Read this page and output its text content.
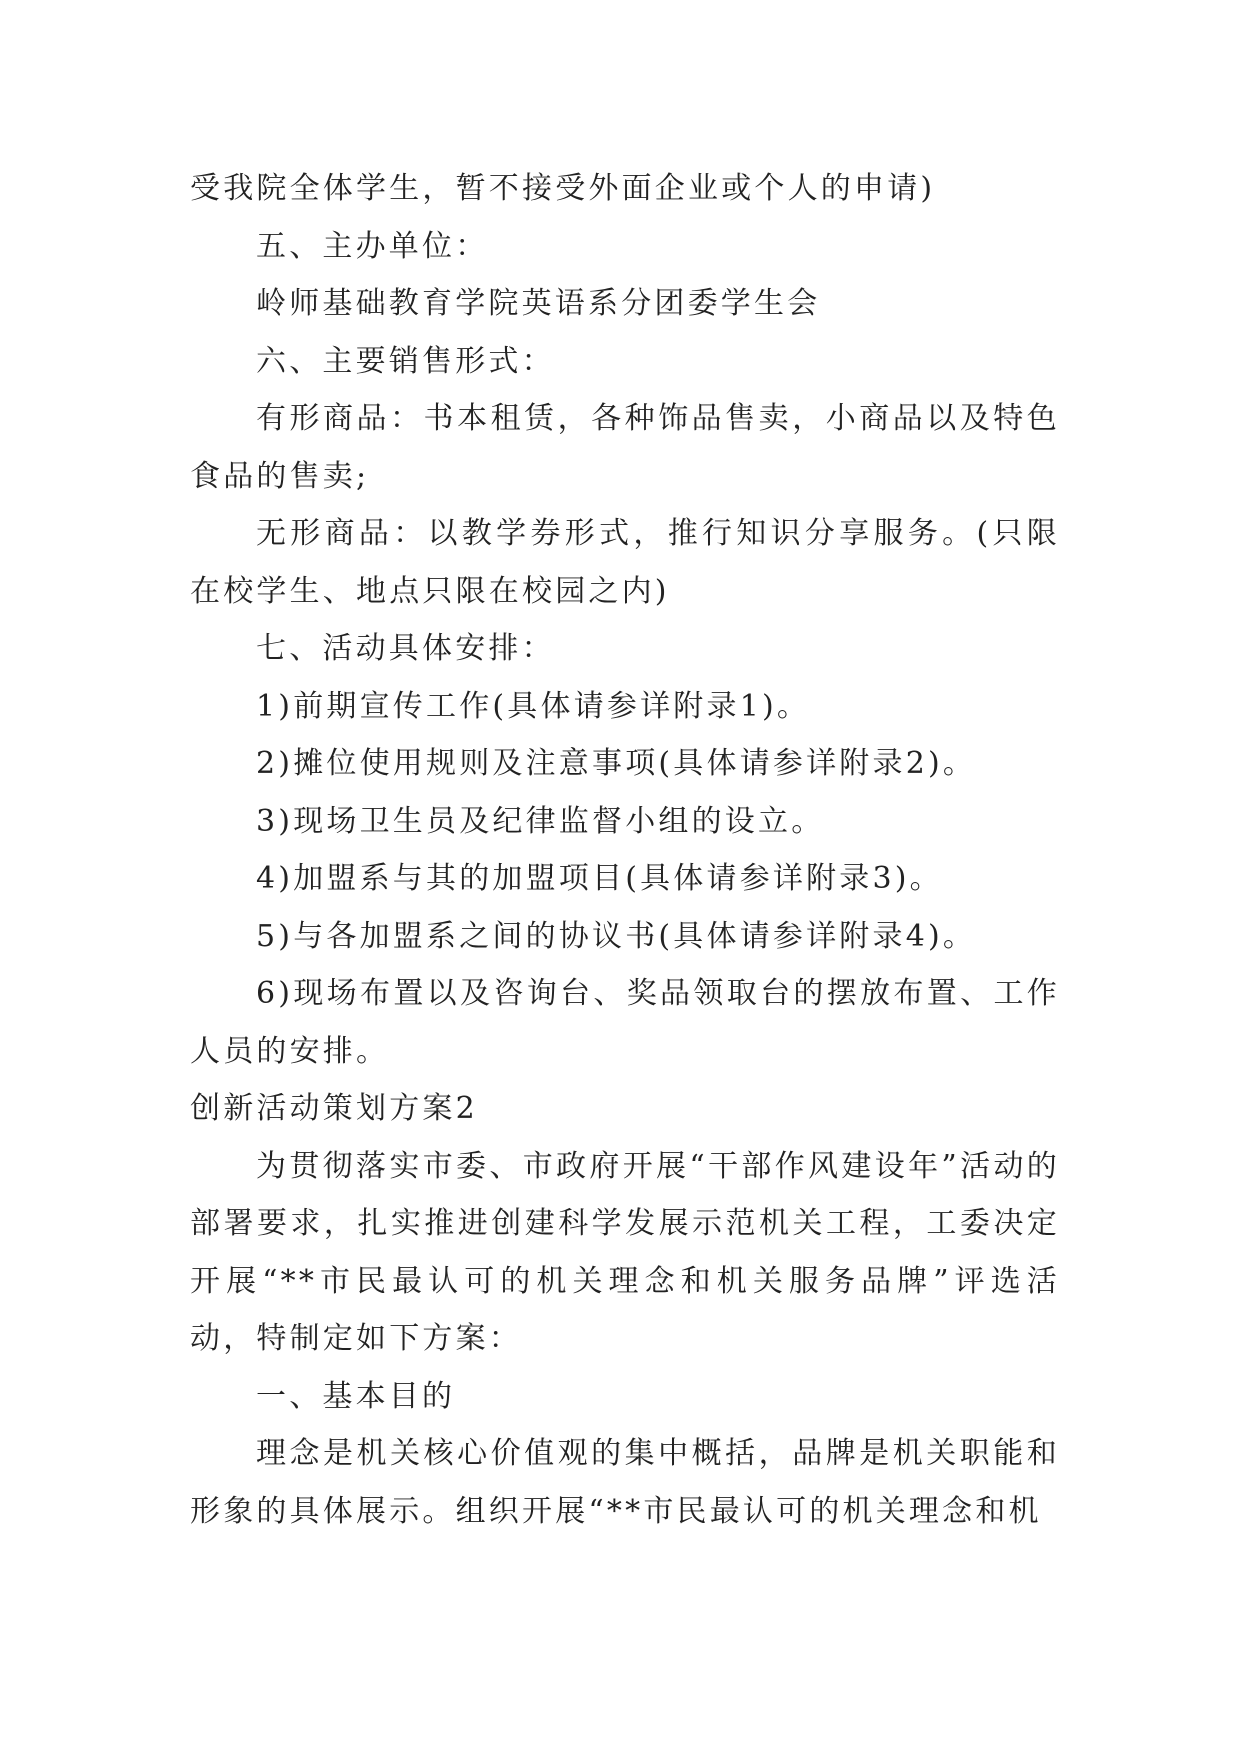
受我院全体学生，暂不接受外面企业或个人的申请)

五、主办单位：

岭师基础教育学院英语系分团委学生会

六、主要销售形式：

有形商品：书本租赁，各种饰品售卖，小商品以及特色食品的售卖;

无形商品：以教学券形式，推行知识分享服务。(只限在校学生、地点只限在校园之内)

七、活动具体安排：

1)前期宣传工作(具体请参详附录1)。

2)摊位使用规则及注意事项(具体请参详附录2)。

3)现场卫生员及纪律监督小组的设立。

4)加盟系与其的加盟项目(具体请参详附录3)。

5)与各加盟系之间的协议书(具体请参详附录4)。

6)现场布置以及咨询台、奖品领取台的摆放布置、工作人员的安排。

创新活动策划方案2

为贯彻落实市委、市政府开展“干部作风建设年”活动的部署要求，扎实推进创建科学发展示范机关工程，工委决定开展“**市民最认可的机关理念和机关服务品牌”评选活动，特制定如下方案：

一、基本目的

理念是机关核心价值观的集中概括，品牌是机关职能和形象的具体展示。组织开展“**市民最认可的机关理念和机
